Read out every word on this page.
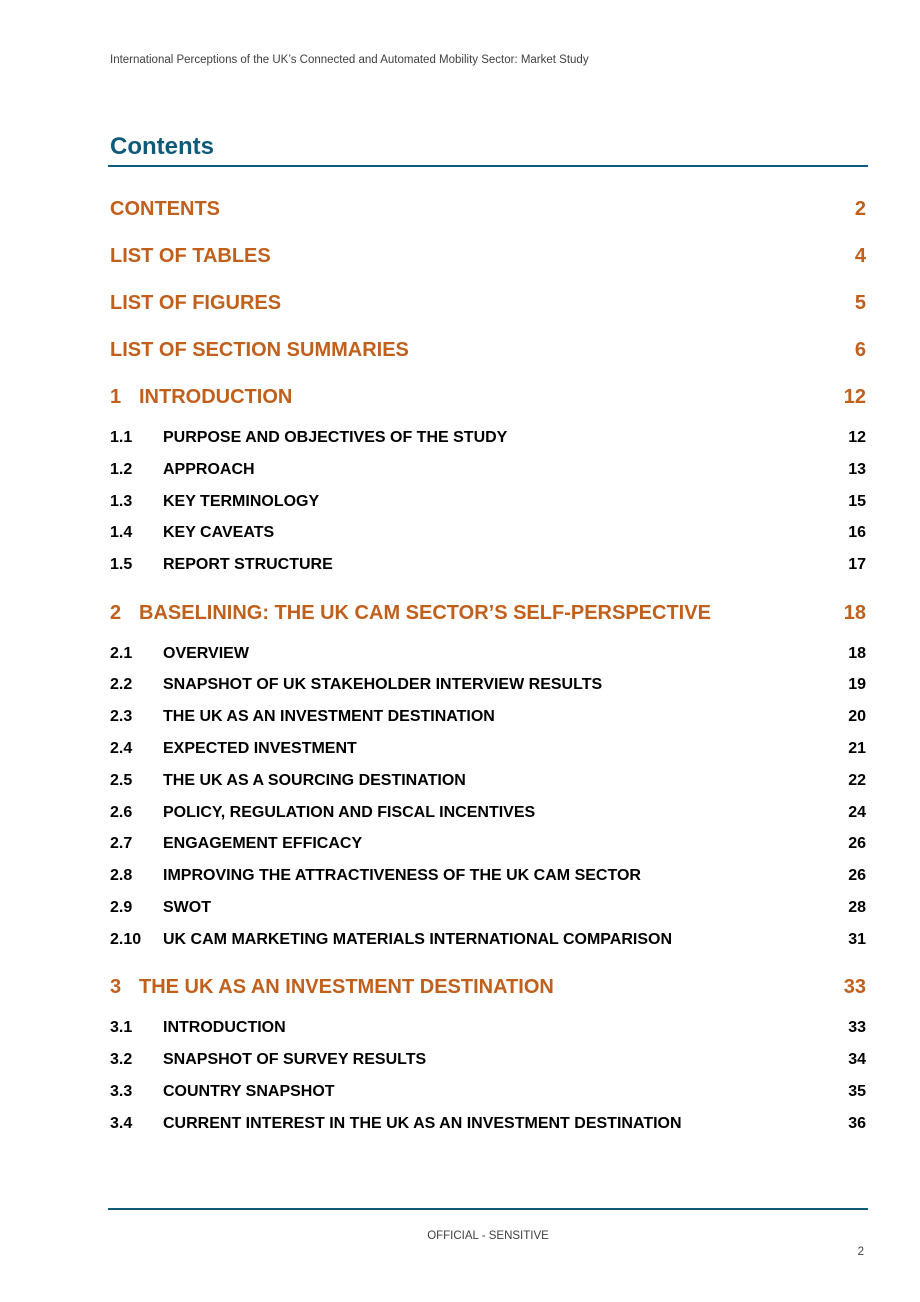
International Perceptions of the UK’s Connected and Automated Mobility Sector: Market Study
Contents
CONTENTS	2
LIST OF TABLES	4
LIST OF FIGURES	5
LIST OF SECTION SUMMARIES	6
1 INTRODUCTION	12
1.1	PURPOSE AND OBJECTIVES OF THE STUDY	12
1.2	APPROACH	13
1.3	KEY TERMINOLOGY	15
1.4	KEY CAVEATS	16
1.5	REPORT STRUCTURE	17
2 BASELINING: THE UK CAM SECTOR’S SELF-PERSPECTIVE	18
2.1	OVERVIEW	18
2.2	SNAPSHOT OF UK STAKEHOLDER INTERVIEW RESULTS	19
2.3	THE UK AS AN INVESTMENT DESTINATION	20
2.4	EXPECTED INVESTMENT	21
2.5	THE UK AS A SOURCING DESTINATION	22
2.6	POLICY, REGULATION AND FISCAL INCENTIVES	24
2.7	ENGAGEMENT EFFICACY	26
2.8	IMPROVING THE ATTRACTIVENESS OF THE UK CAM SECTOR	26
2.9	SWOT	28
2.10	UK CAM MARKETING MATERIALS INTERNATIONAL COMPARISON	31
3 THE UK AS AN INVESTMENT DESTINATION	33
3.1	INTRODUCTION	33
3.2	SNAPSHOT OF SURVEY RESULTS	34
3.3	COUNTRY SNAPSHOT	35
3.4	CURRENT INTEREST IN THE UK AS AN INVESTMENT DESTINATION	36
OFFICIAL - SENSITIVE
2
